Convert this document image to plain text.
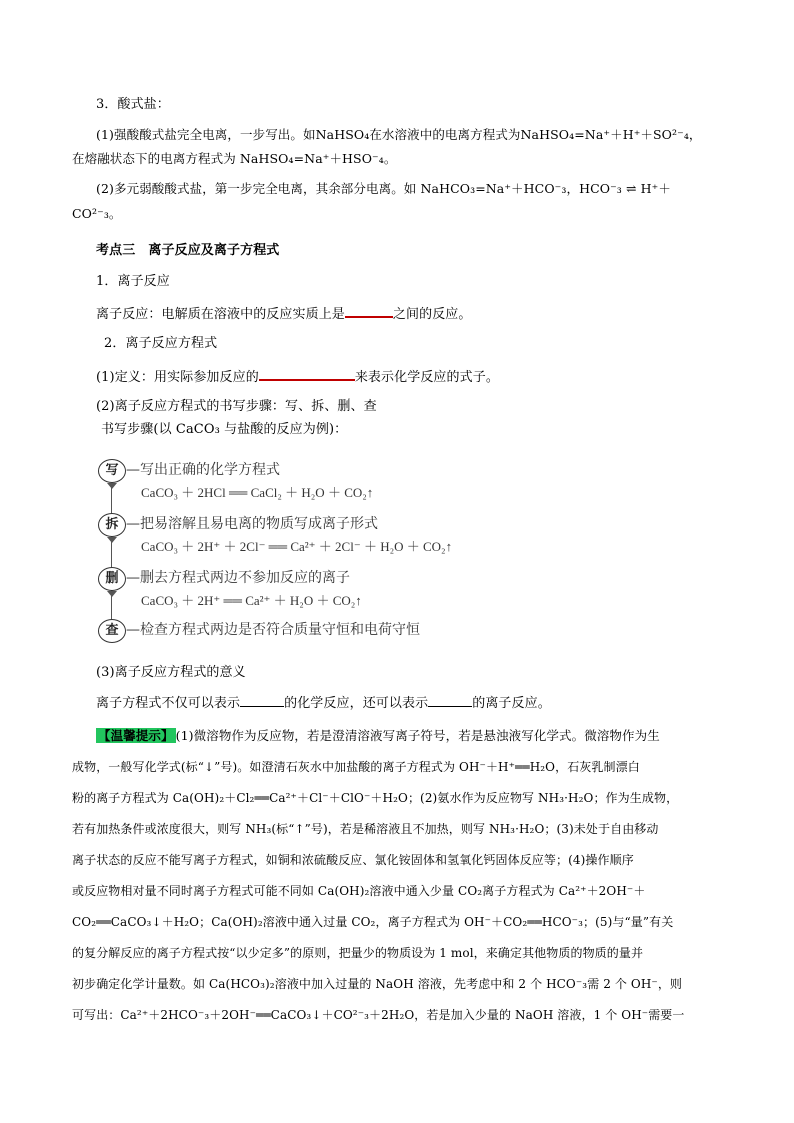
3．酸式盐：
(1)强酸酸式盐完全电离，一步写出。如NaHSO₄在水溶液中的电离方程式为NaHSO₄=Na⁺＋H⁺＋SO²⁻₄，
在熔融状态下的电离方程式为 NaHSO₄=Na⁺＋HSO⁻₄。
(2)多元弱酸酸式盐，第一步完全电离，其余部分电离。如 NaHCO₃=Na⁺＋HCO⁻₃，HCO⁻₃ ⇌ H⁺＋
CO²⁻₃。
考点三　离子反应及离子方程式
1．离子反应
离子反应：电解质在溶液中的反应实质上是	之间的反应。
2．离子反应方程式
(1)定义：用实际参加反应的	来表示化学反应的式子。
(2)离子反应方程式的书写步骤：写、拆、删、查
书写步骤(以 CaCO₃ 与盐酸的反应为例)：
写 —写出正确的化学方程式
CaCO₃ ＋ 2HCl ══ CaCl₂ ＋ H₂O ＋ CO₂↑
拆 —把易溶解且易电离的物质写成离子形式
CaCO₃ ＋ 2H⁺ ＋ 2Cl⁻ ══ Ca²⁺ ＋ 2Cl⁻ ＋ H₂O ＋ CO₂↑
删 —删去方程式两边不参加反应的离子
CaCO₃ ＋ 2H⁺ ══ Ca²⁺ ＋ H₂O ＋ CO₂↑
查 —检查方程式两边是否符合质量守恒和电荷守恒
(3)离子反应方程式的意义
离子方程式不仅可以表示	的化学反应，还可以表示	的离子反应。
【温馨提示】 (1)微溶物作为反应物，若是澄清溶液写离子符号，若是悬浊液写化学式。微溶物作为生
成物，一般写化学式(标“↓”号)。如澄清石灰水中加盐酸的离子方程式为 OH⁻＋H⁺══H₂O，石灰乳制漂白
粉的离子方程式为 Ca(OH)₂＋Cl₂══Ca²⁺＋Cl⁻＋ClO⁻＋H₂O；(2)氨水作为反应物写 NH₃·H₂O；作为生成物，
若有加热条件或浓度很大，则写 NH₃(标“↑”号)，若是稀溶液且不加热，则写 NH₃·H₂O；(3)未处于自由移动
离子状态的反应不能写离子方程式，如铜和浓硫酸反应、氯化铵固体和氢氧化钙固体反应等；(4)操作顺序
或反应物相对量不同时离子方程式可能不同如 Ca(OH)₂溶液中通入少量 CO₂离子方程式为 Ca²⁺＋2OH⁻＋
CO₂══CaCO₃↓＋H₂O；Ca(OH)₂溶液中通入过量 CO₂，离子方程式为 OH⁻＋CO₂══HCO⁻₃；(5)与“量”有关
的复分解反应的离子方程式按“以少定多”的原则，把量少的物质设为 1 mol，来确定其他物质的物质的量并
初步确定化学计量数。如 Ca(HCO₃)₂溶液中加入过量的 NaOH 溶液，先考虑中和 2 个 HCO⁻₃需 2 个 OH⁻，则
可写出：Ca²⁺＋2HCO⁻₃＋2OH⁻══CaCO₃↓＋CO²⁻₃＋2H₂O，若是加入少量的 NaOH 溶液，1 个 OH⁻需要一
